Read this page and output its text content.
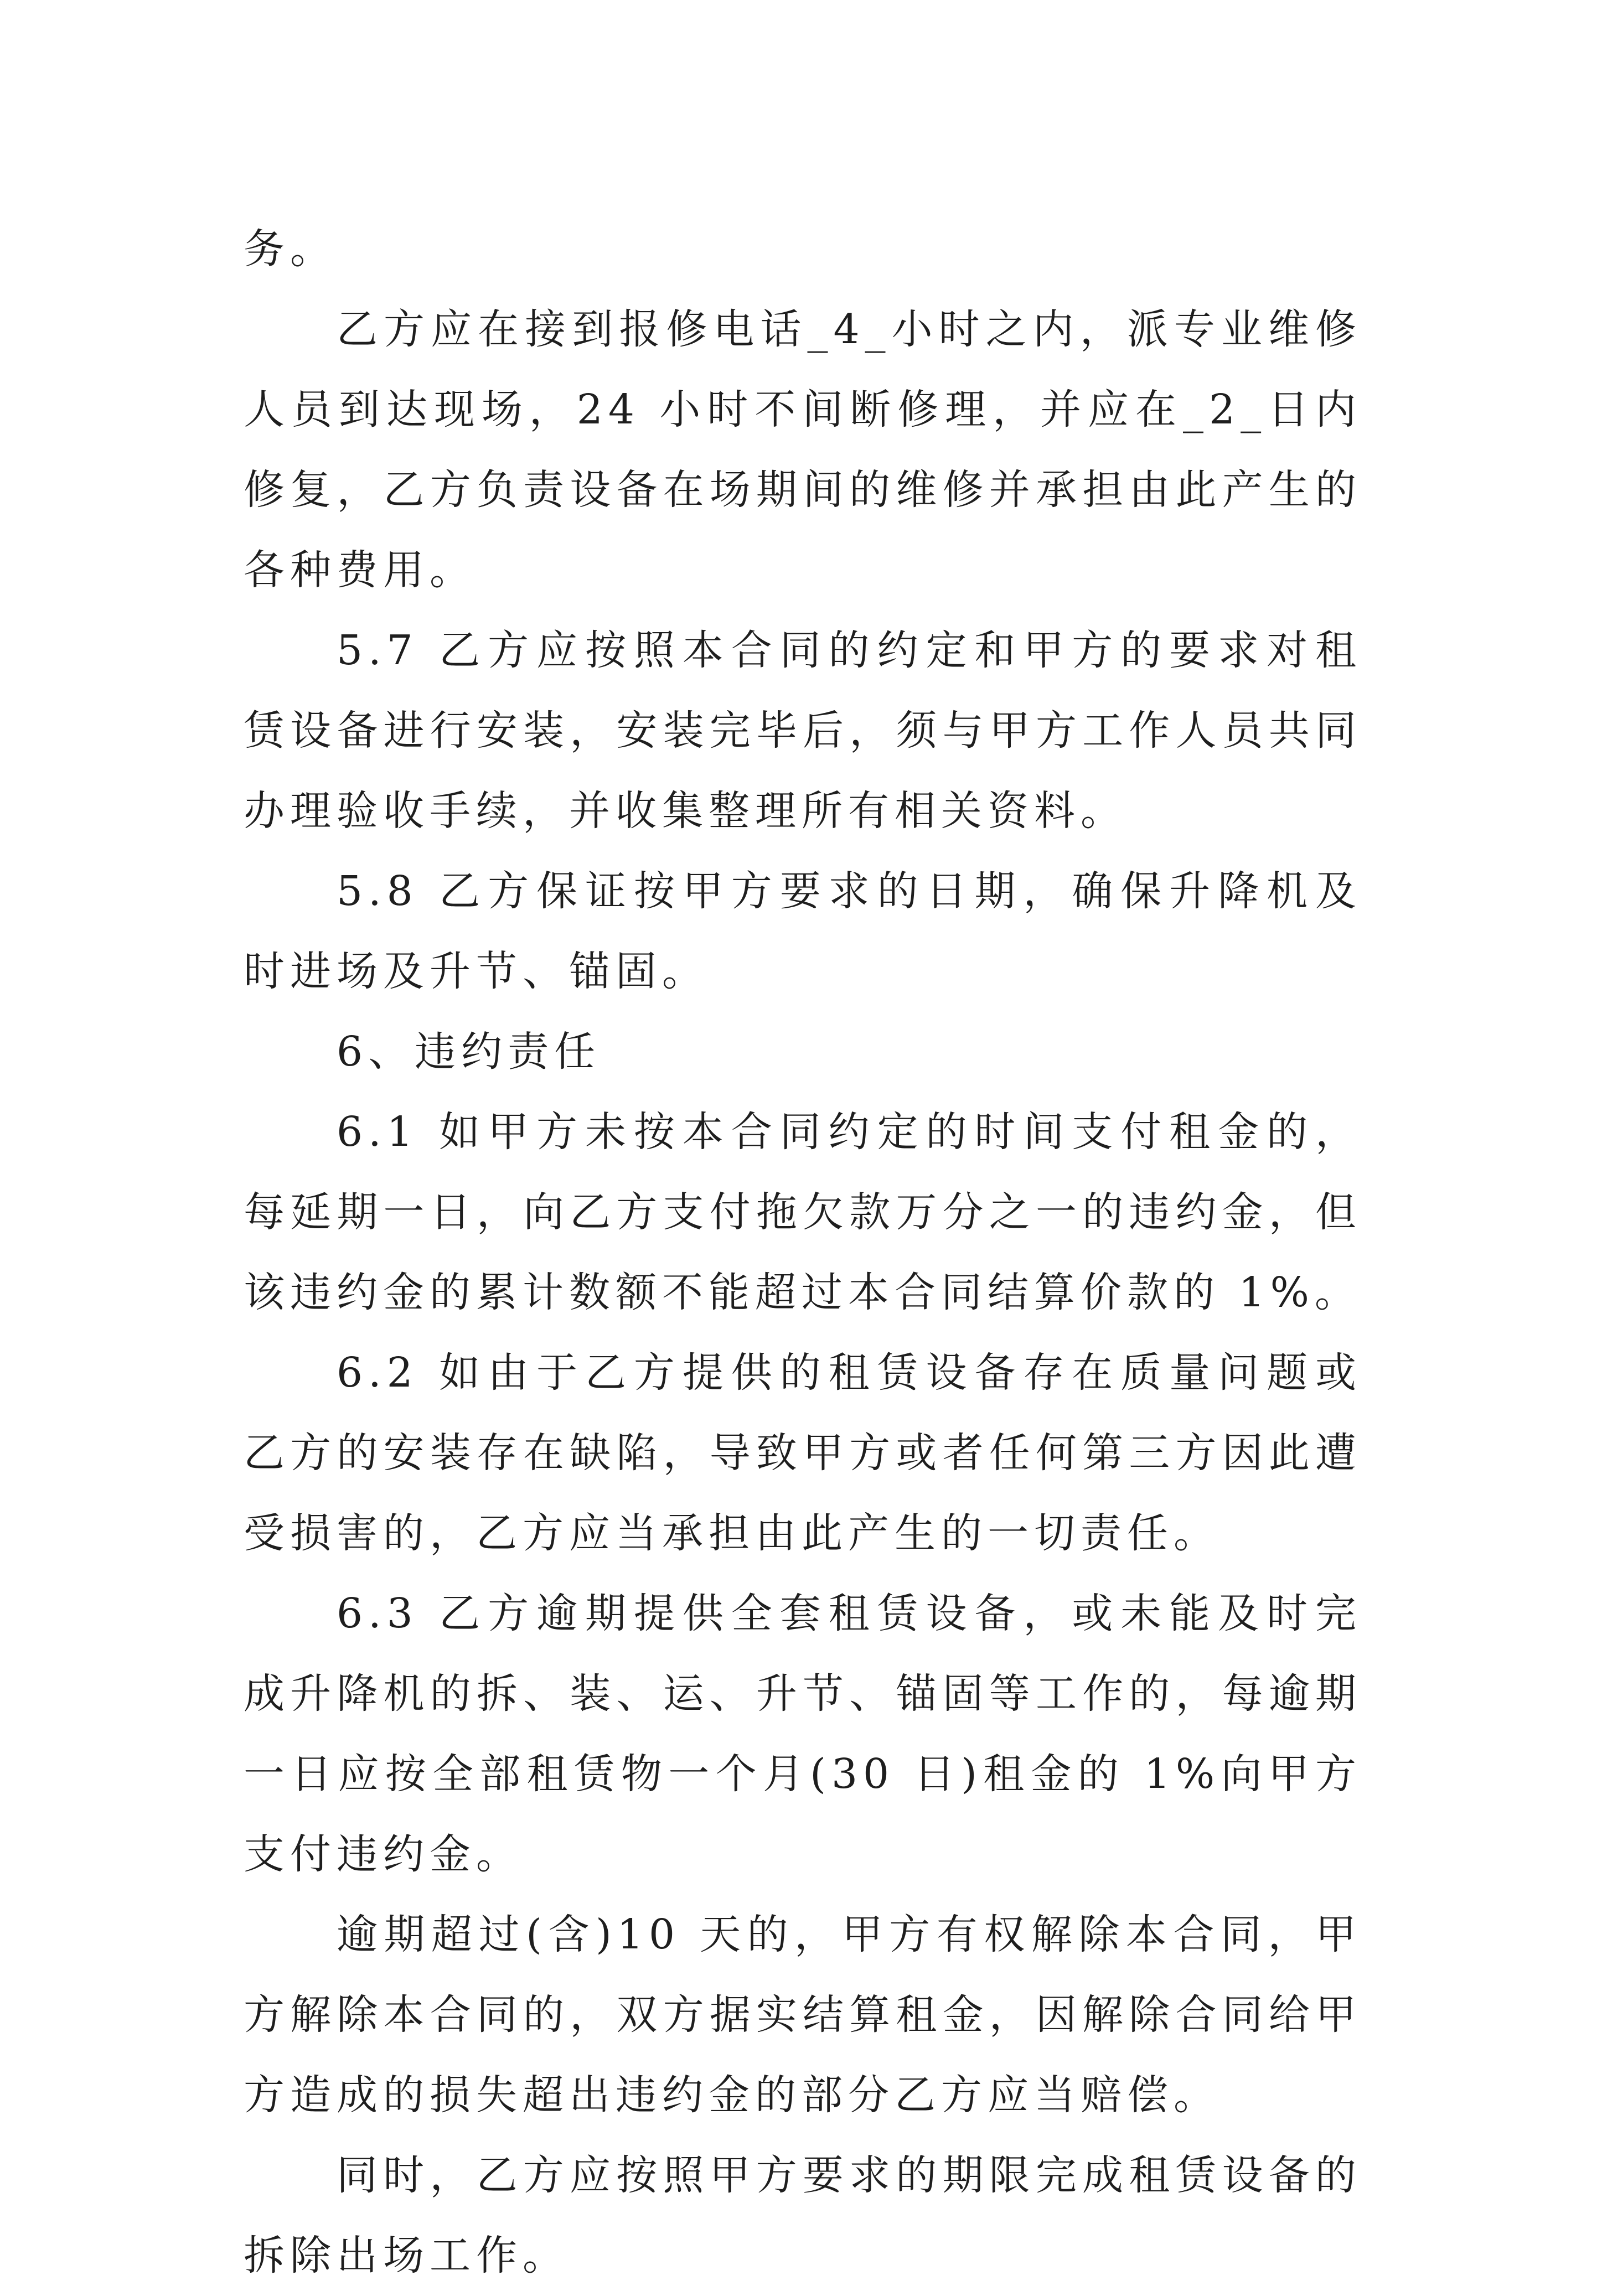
务。

乙方应在接到报修电话_4_小时之内，派专业维修人员到达现场，24 小时不间断修理，并应在_2_日内修复，乙方负责设备在场期间的维修并承担由此产生的各种费用。

5.7 乙方应按照本合同的约定和甲方的要求对租赁设备进行安装，安装完毕后，须与甲方工作人员共同办理验收手续，并收集整理所有相关资料。

5.8 乙方保证按甲方要求的日期，确保升降机及时进场及升节、锚固。

6、违约责任

6.1 如甲方未按本合同约定的时间支付租金的，每延期一日，向乙方支付拖欠款万分之一的违约金，但该违约金的累计数额不能超过本合同结算价款的 1%。

6.2 如由于乙方提供的租赁设备存在质量问题或乙方的安装存在缺陷，导致甲方或者任何第三方因此遭受损害的，乙方应当承担由此产生的一切责任。

6.3 乙方逾期提供全套租赁设备，或未能及时完成升降机的拆、装、运、升节、锚固等工作的，每逾期一日应按全部租赁物一个月(30 日)租金的 1%向甲方支付违约金。

逾期超过(含)10 天的，甲方有权解除本合同，甲方解除本合同的，双方据实结算租金，因解除合同给甲方造成的损失超出违约金的部分乙方应当赔偿。

同时，乙方应按照甲方要求的期限完成租赁设备的拆除出场工作。
